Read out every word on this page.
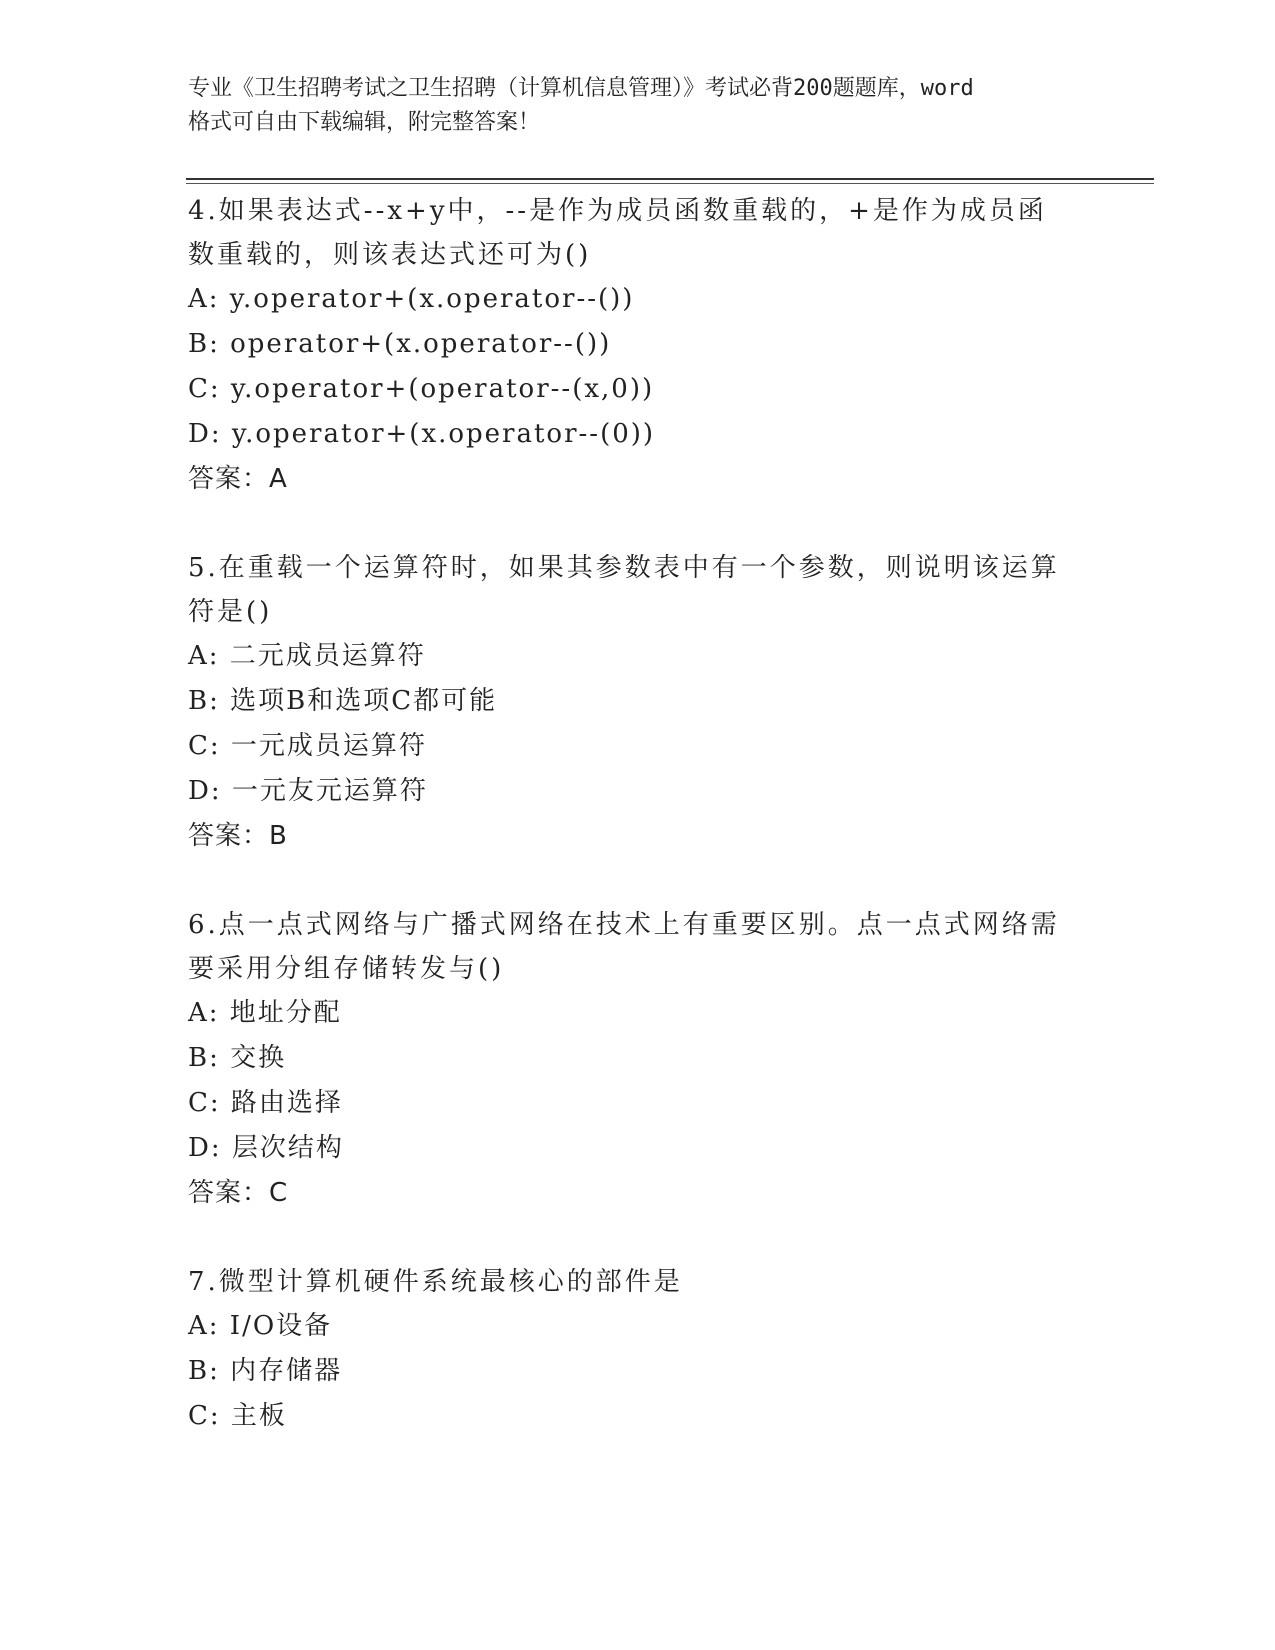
专业《卫生招聘考试之卫生招聘（计算机信息管理）》考试必背200题题库，word
格式可自由下载编辑，附完整答案！
4.如果表达式--x+y中，--是作为成员函数重载的，+是作为成员函数重载的，则该表达式还可为()
A: y.operator+(x.operator--())
B: operator+(x.operator--())
C: y.operator+(operator--(x,0))
D: y.operator+(x.operator--(0))
答案：A
5.在重载一个运算符时，如果其参数表中有一个参数，则说明该运算符是()
A: 二元成员运算符
B: 选项B和选项C都可能
C: 一元成员运算符
D: 一元友元运算符
答案：B
6.点一点式网络与广播式网络在技术上有重要区别。点一点式网络需要采用分组存储转发与()
A: 地址分配
B: 交换
C: 路由选择
D: 层次结构
答案：C
7.微型计算机硬件系统最核心的部件是
A: I/O设备
B: 内存储器
C: 主板
